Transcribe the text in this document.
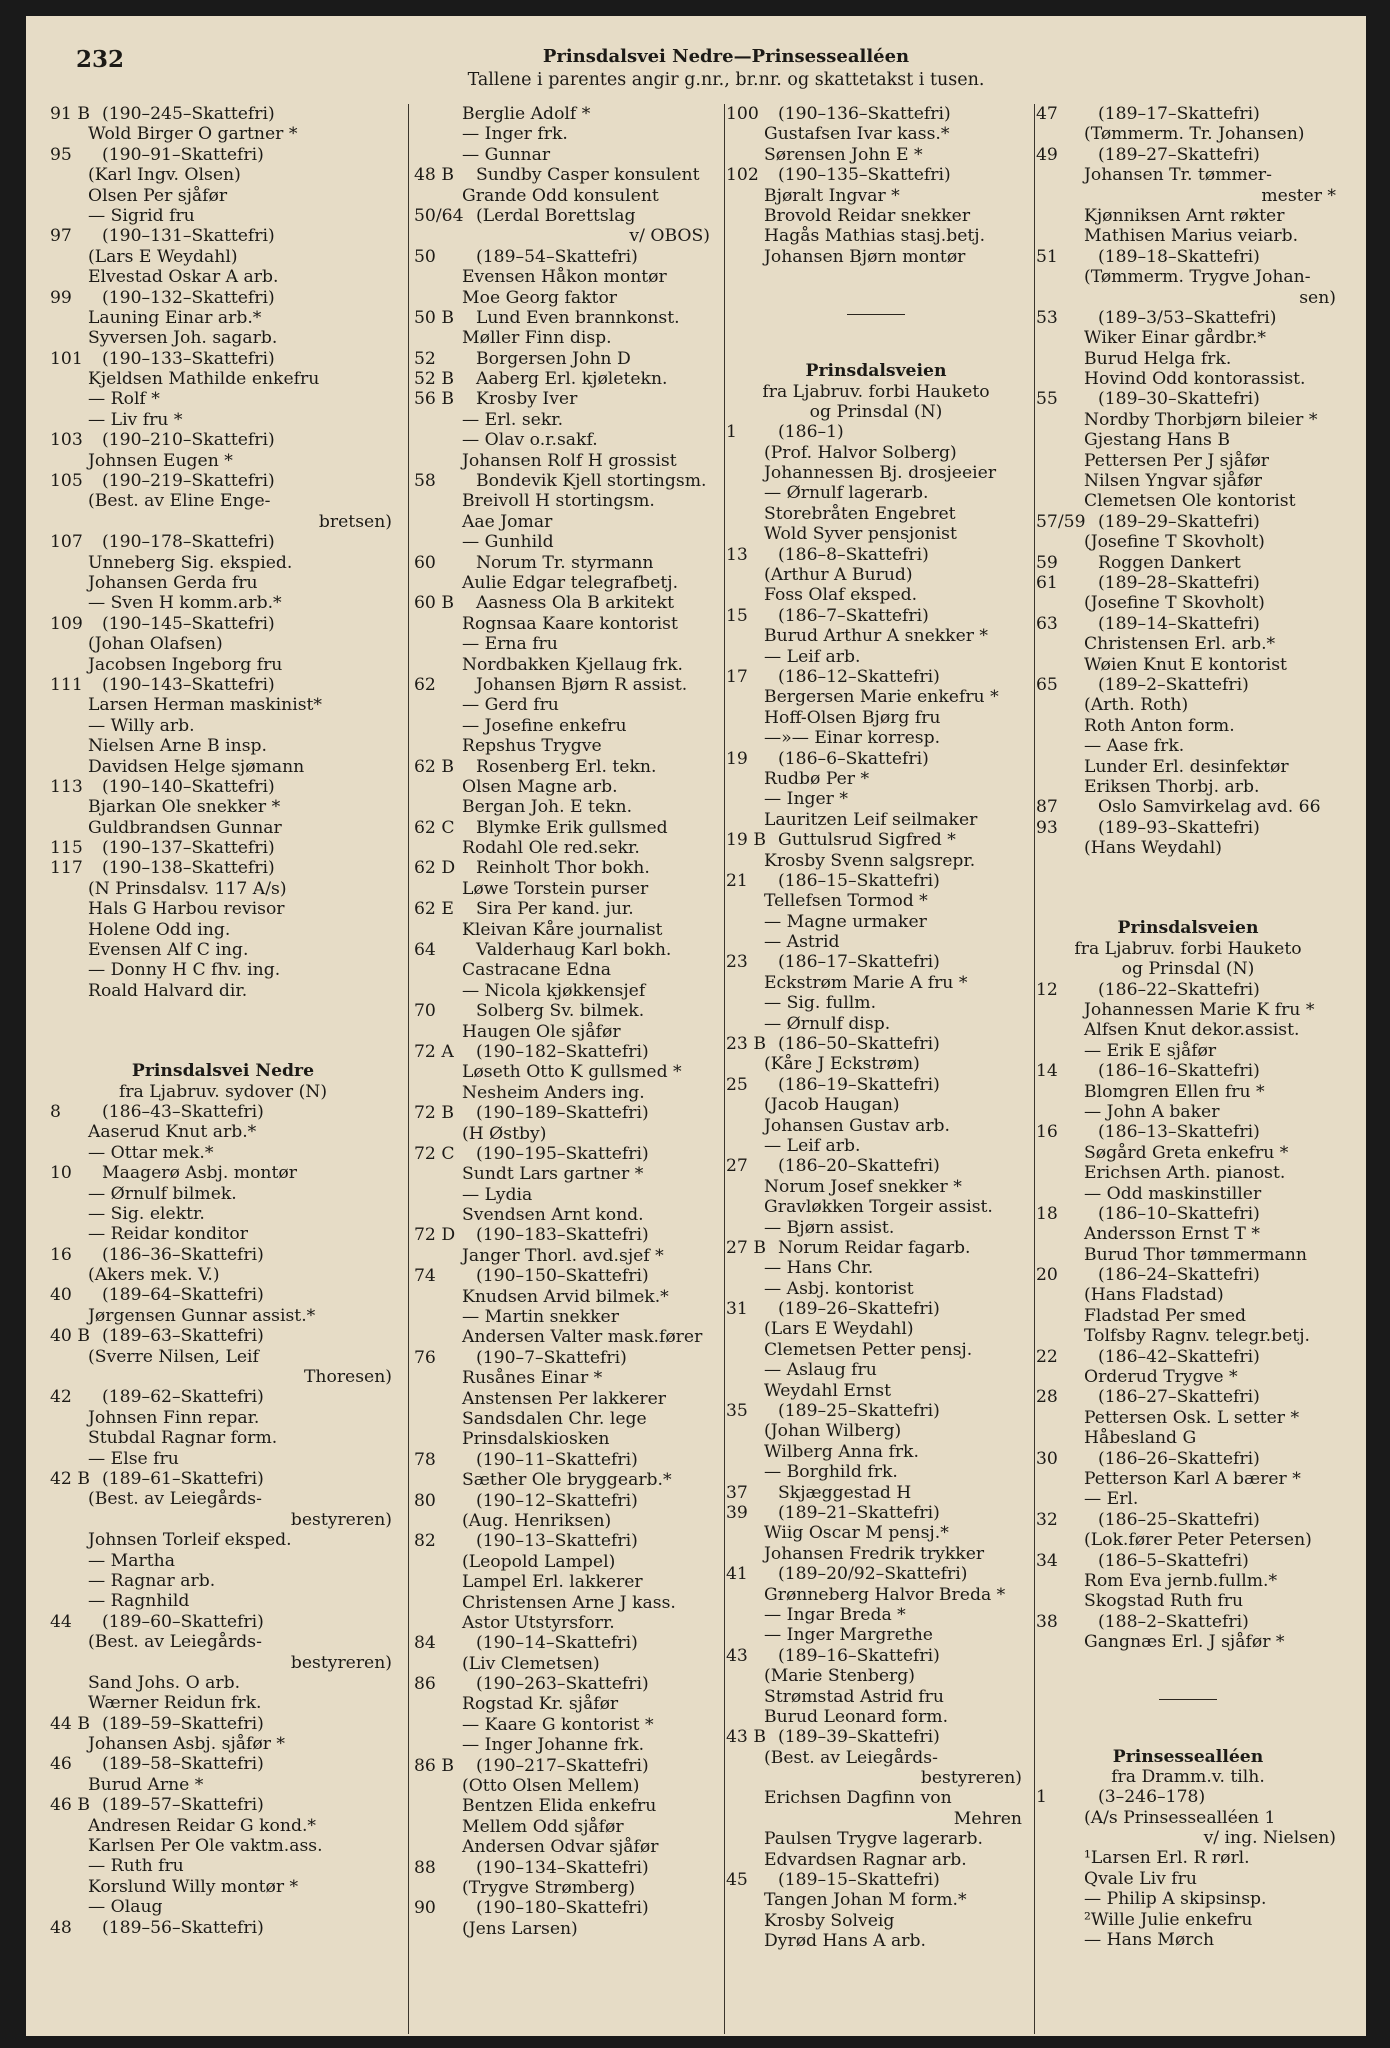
232	Prinsdalsvei Nedre—Prinsessealléen
Tallene i parentes angir g.nr., br.nr. og skattetakst i tusen.
91 B (190–245–Skattefri)
Wold Birger O gartner *
95 (190–91–Skattefri)
(Karl Ingv. Olsen)
Olsen Per sjåfør
— Sigrid fru
97 (190–131–Skattefri)
(Lars E Weydahl)
Elvestad Oskar A arb.
99 (190–132–Skattefri)
Launing Einar arb.*
Syversen Joh. sagarb.
101 (190–133–Skattefri)
Kjeldsen Mathilde enkefru
— Rolf *
— Liv fru *
103 (190–210–Skattefri)
Johnsen Eugen *
105 (190–219–Skattefri)
(Best. av Eline Enge-
bretsen)
107 (190–178–Skattefri)
Unneberg Sig. ekspied.
Johansen Gerda fru
— Sven H komm.arb.*
109 (190–145–Skattefri)
(Johan Olafsen)
Jacobsen Ingeborg fru
111 (190–143–Skattefri)
Larsen Herman maskinist*
— Willy arb.
Nielsen Arne B insp.
Davidsen Helge sjømann
113 (190–140–Skattefri)
Bjarkan Ole snekker *
Guldbrandsen Gunnar
115 (190–137–Skattefri)
117 (190–138–Skattefri)
(N Prinsdalsv. 117 A/s)
Hals G Harbou revisor
Holene Odd ing.
Evensen Alf C ing.
— Donny H C fhv. ing.
Roald Halvard dir.
Prinsdalsvei Nedre
fra Ljabruv. sydover (N)
8 (186–43–Skattefri)
Aaserud Knut arb.*
— Ottar mek.*
10 Maagerø Asbj. montør
— Ørnulf bilmek.
— Sig. elektr.
— Reidar konditor
16 (186–36–Skattefri)
(Akers mek. V.)
40 (189–64–Skattefri)
Jørgensen Gunnar assist.*
40 B (189–63–Skattefri)
(Sverre Nilsen, Leif
Thoresen)
42 (189–62–Skattefri)
Johnsen Finn repar.
Stubdal Ragnar form.
— Else fru
42 B (189–61–Skattefri)
(Best. av Leiegårds-
bestyreren)
Johnsen Torleif eksped.
— Martha
— Ragnar arb.
— Ragnhild
44 (189–60–Skattefri)
(Best. av Leiegårds-
bestyreren)
Sand Johs. O arb.
Wærner Reidun frk.
44 B (189–59–Skattefri)
Johansen Asbj. sjåfør *
46 (189–58–Skattefri)
Burud Arne *
46 B (189–57–Skattefri)
Andresen Reidar G kond.*
Karlsen Per Ole vaktm.ass.
— Ruth fru
Korslund Willy montør *
— Olaug
48 (189–56–Skattefri)
Berglie Adolf *
— Inger frk.
— Gunnar
48 B Sundby Casper konsulent
Grande Odd konsulent
50/64 (Lerdal Borettslag
v/ OBOS)
50 (189–54–Skattefri)
Evensen Håkon montør
Moe Georg faktor
50 B Lund Even brannkonst.
Møller Finn disp.
52 Borgersen John D
52 B Aaberg Erl. kjøletekn.
56 B Krosby Iver
— Erl. sekr.
— Olav o.r.sakf.
Johansen Rolf H grossist
58 Bondevik Kjell stortingsm.
Breivoll H stortingsm.
Aae Jomar
— Gunhild
60 Norum Tr. styrmann
Aulie Edgar telegrafbetj.
60 B Aasness Ola B arkitekt
Rognsaa Kaare kontorist
— Erna fru
Nordbakken Kjellaug frk.
62 Johansen Bjørn R assist.
— Gerd fru
— Josefine enkefru
Repshus Trygve
62 B Rosenberg Erl. tekn.
Olsen Magne arb.
Bergan Joh. E tekn.
62 C Blymke Erik gullsmed
Rodahl Ole red.sekr.
62 D Reinholt Thor bokh.
Løwe Torstein purser
62 E Sira Per kand. jur.
Kleivan Kåre journalist
64 Valderhaug Karl bokh.
Castracane Edna
— Nicola kjøkkensjef
70 Solberg Sv. bilmek.
Haugen Ole sjåfør
72 A (190–182–Skattefri)
Løseth Otto K gullsmed *
Nesheim Anders ing.
72 B (190–189–Skattefri)
(H Østby)
72 C (190–195–Skattefri)
Sundt Lars gartner *
— Lydia
Svendsen Arnt kond.
72 D (190–183–Skattefri)
Janger Thorl. avd.sjef *
74 (190–150–Skattefri)
Knudsen Arvid bilmek.*
— Martin snekker
Andersen Valter mask.fører
76 (190–7–Skattefri)
Rusånes Einar *
Anstensen Per lakkerer
Sandsdalen Chr. lege
Prinsdalskiosken
78 (190–11–Skattefri)
Sæther Ole bryggearb.*
80 (190–12–Skattefri)
(Aug. Henriksen)
82 (190–13–Skattefri)
(Leopold Lampel)
Lampel Erl. lakkerer
Christensen Arne J kass.
Astor Utstyrsforr.
84 (190–14–Skattefri)
(Liv Clemetsen)
86 (190–263–Skattefri)
Rogstad Kr. sjåfør
— Kaare G kontorist *
— Inger Johanne frk.
86 B (190–217–Skattefri)
(Otto Olsen Mellem)
Bentzen Elida enkefru
Mellem Odd sjåfør
Andersen Odvar sjåfør
88 (190–134–Skattefri)
(Trygve Strømberg)
90 (190–180–Skattefri)
(Jens Larsen)
100 (190–136–Skattefri)
Gustafsen Ivar kass.*
Sørensen John E *
102 (190–135–Skattefri)
Bjøralt Ingvar *
Brovold Reidar snekker
Hagås Mathias stasj.betj.
Johansen Bjørn montør
Prinsdalsveien
fra Ljabruv. forbi Hauketo
og Prinsdal (N)
1 (186–1)
(Prof. Halvor Solberg)
Johannessen Bj. drosjeeier
— Ørnulf lagerarb.
Storebråten Engebret
Wold Syver pensjonist
13 (186–8–Skattefri)
(Arthur A Burud)
Foss Olaf eksped.
15 (186–7–Skattefri)
Burud Arthur A snekker *
— Leif arb.
17 (186–12–Skattefri)
Bergersen Marie enkefru *
Hoff-Olsen Bjørg fru
—»— Einar korresp.
19 (186–6–Skattefri)
Rudbø Per *
— Inger *
Lauritzen Leif seilmaker
19 B Guttulsrud Sigfred *
Krosby Svenn salgsrepr.
21 (186–15–Skattefri)
Tellefsen Tormod *
— Magne urmaker
— Astrid
23 (186–17–Skattefri)
Eckstrøm Marie A fru *
— Sig. fullm.
— Ørnulf disp.
23 B (186–50–Skattefri)
(Kåre J Eckstrøm)
25 (186–19–Skattefri)
(Jacob Haugan)
Johansen Gustav arb.
— Leif arb.
27 (186–20–Skattefri)
Norum Josef snekker *
Gravløkken Torgeir assist.
— Bjørn assist.
27 B Norum Reidar fagarb.
— Hans Chr.
— Asbj. kontorist
31 (189–26–Skattefri)
(Lars E Weydahl)
Clemetsen Petter pensj.
— Aslaug fru
Weydahl Ernst
35 (189–25–Skattefri)
(Johan Wilberg)
Wilberg Anna frk.
— Borghild frk.
37 Skjæggestad H
39 (189–21–Skattefri)
Wiig Oscar M pensj.*
Johansen Fredrik trykker
41 (189–20/92–Skattefri)
Grønneberg Halvor Breda *
— Ingar Breda *
— Inger Margrethe
43 (189–16–Skattefri)
(Marie Stenberg)
Strømstad Astrid fru
Burud Leonard form.
43 B (189–39–Skattefri)
(Best. av Leiegårds-
bestyreren)
Erichsen Dagfinn von
Mehren
Paulsen Trygve lagerarb.
Edvardsen Ragnar arb.
45 (189–15–Skattefri)
Tangen Johan M form.*
Krosby Solveig
Dyrød Hans A arb.
47 (189–17–Skattefri)
(Tømmerm. Tr. Johansen)
49 (189–27–Skattefri)
Johansen Tr. tømmer-
mester *
Kjønniksen Arnt røkter
Mathisen Marius veiarb.
51 (189–18–Skattefri)
(Tømmerm. Trygve Johan-
sen)
53 (189–3/53–Skattefri)
Wiker Einar gårdbr.*
Burud Helga frk.
Hovind Odd kontorassist.
55 (189–30–Skattefri)
Nordby Thorbjørn bileier *
Gjestang Hans B
Pettersen Per J sjåfør
Nilsen Yngvar sjåfør
Clemetsen Ole kontorist
57/59 (189–29–Skattefri)
(Josefine T Skovholt)
59 Roggen Dankert
61 (189–28–Skattefri)
(Josefine T Skovholt)
63 (189–14–Skattefri)
Christensen Erl. arb.*
Wøien Knut E kontorist
65 (189–2–Skattefri)
(Arth. Roth)
Roth Anton form.
— Aase frk.
Lunder Erl. desinfektør
Eriksen Thorbj. arb.
87 Oslo Samvirkelag avd. 66
93 (189–93–Skattefri)
(Hans Weydahl)
Prinsdalsveien
fra Ljabruv. forbi Hauketo
og Prinsdal (N)
12 (186–22–Skattefri)
Johannessen Marie K fru *
Alfsen Knut dekor.assist.
— Erik E sjåfør
14 (186–16–Skattefri)
Blomgren Ellen fru *
— John A baker
16 (186–13–Skattefri)
Søgård Greta enkefru *
Erichsen Arth. pianost.
— Odd maskinstiller
18 (186–10–Skattefri)
Andersson Ernst T *
Burud Thor tømmermann
20 (186–24–Skattefri)
(Hans Fladstad)
Fladstad Per smed
Tolfsby Ragnv. telegr.betj.
22 (186–42–Skattefri)
Orderud Trygve *
28 (186–27–Skattefri)
Pettersen Osk. L setter *
Håbesland G
30 (186–26–Skattefri)
Petterson Karl A bærer *
— Erl.
32 (186–25–Skattefri)
(Lok.fører Peter Petersen)
34 (186–5–Skattefri)
Rom Eva jernb.fullm.*
Skogstad Ruth fru
38 (188–2–Skattefri)
Gangnæs Erl. J sjåfør *
Prinsessealléen
fra Dramm.v. tilh.
1	(3–246–178)
(A/s Prinsessealléen 1
v/ ing. Nielsen)
¹Larsen Erl. R rørl.
Qvale Liv fru
— Philip A skipsinsp.
²Wille Julie enkefru
— Hans Mørch
